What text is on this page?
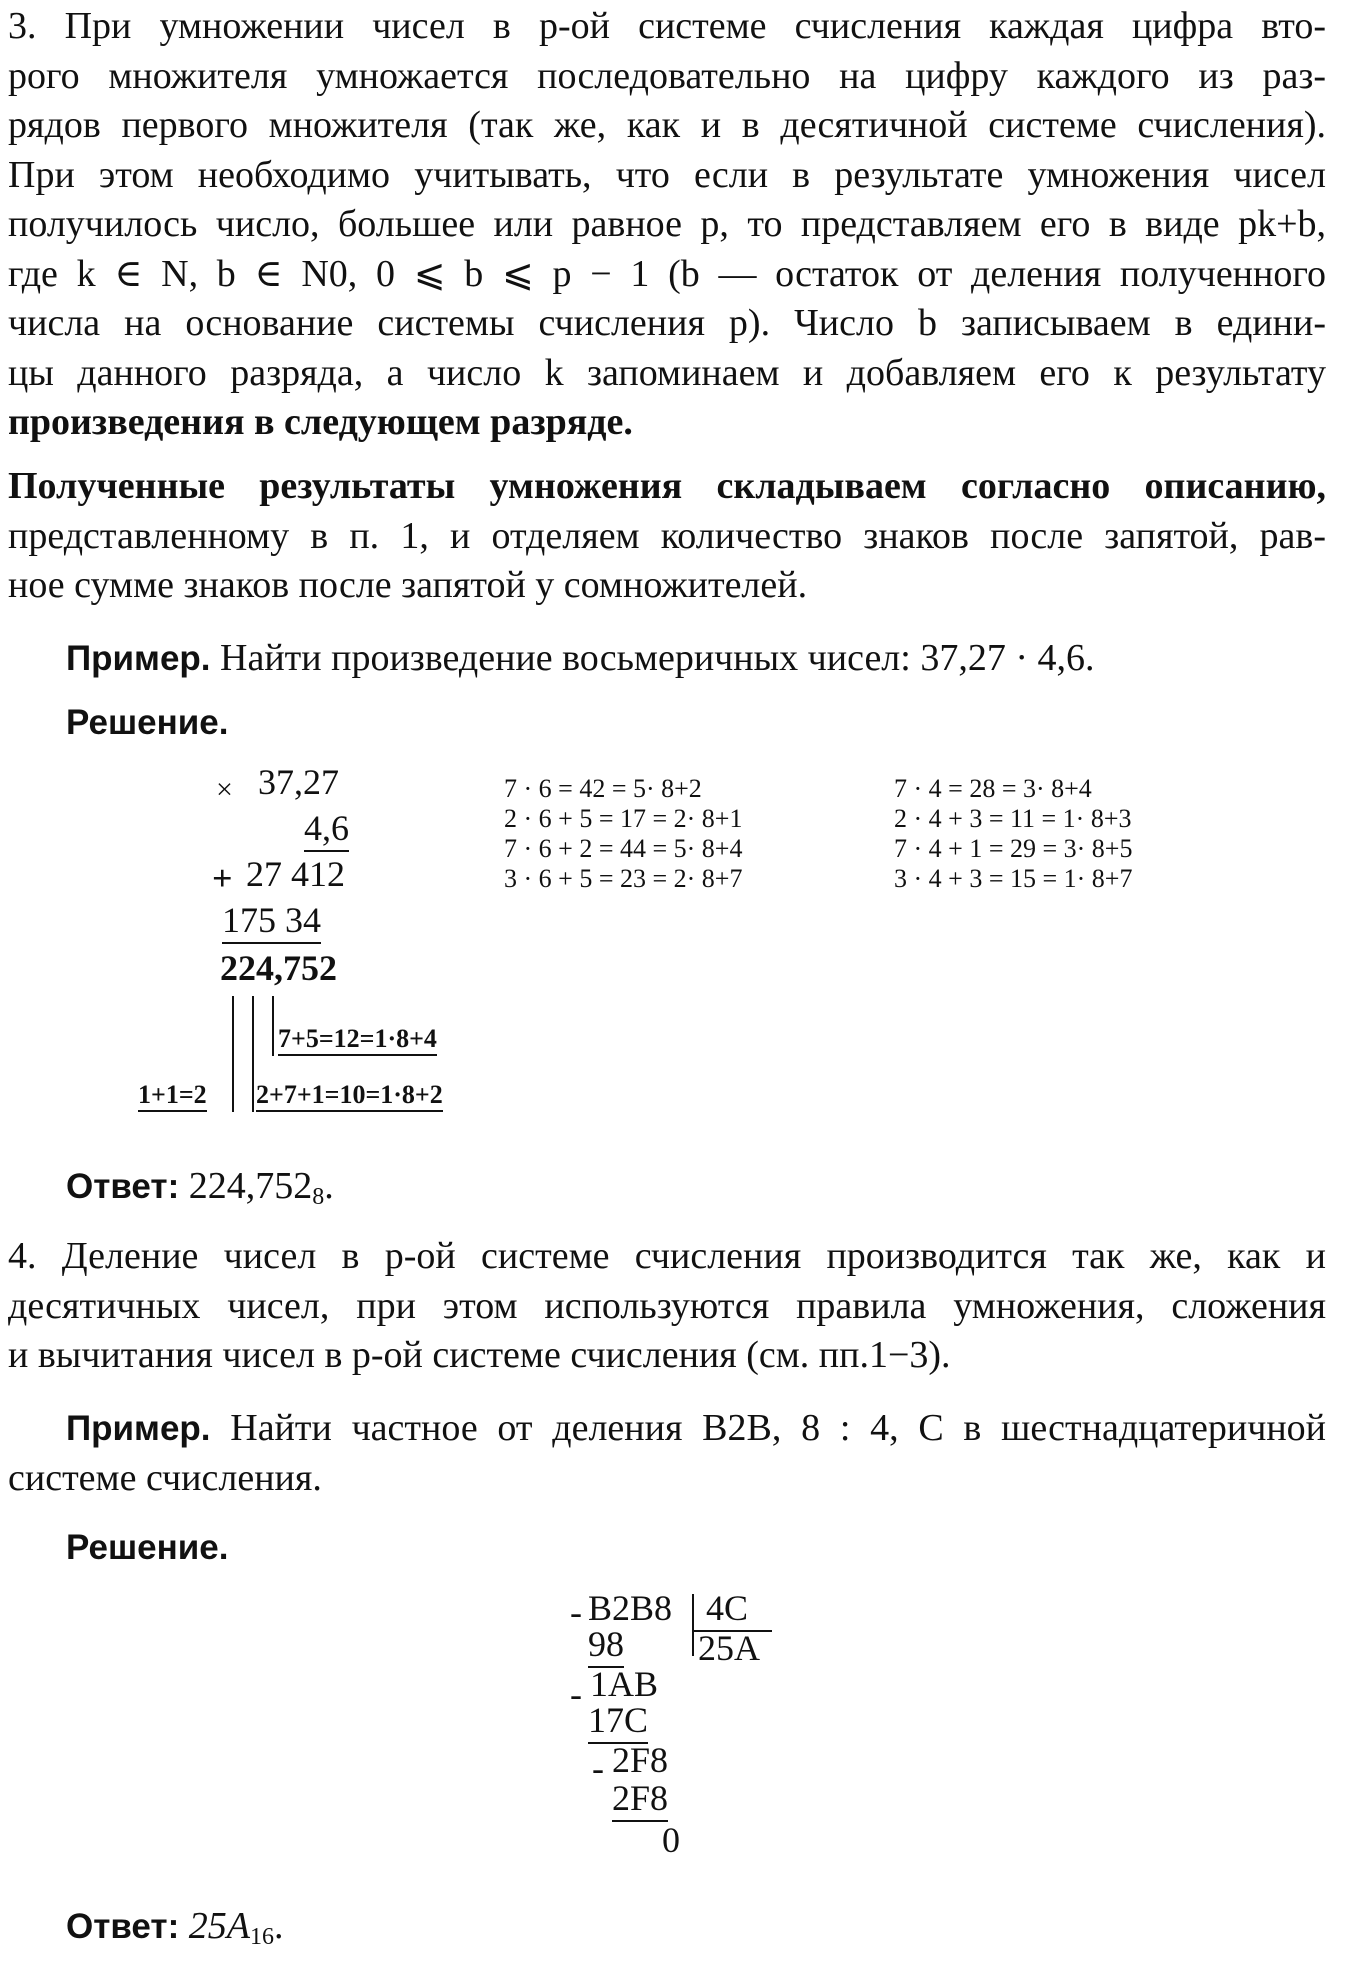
3. При умножении чисел в p-ой системе счисления каждая цифра вто-
рого множителя умножается последовательно на цифру каждого из раз-
рядов первого множителя (так же, как и в десятичной системе счисления).
При этом необходимо учитывать, что если в результате умножения чисел
получилось число, большее или равное p, то представляем его в виде pk+b,
где k ∈ N, b ∈ N0, 0 ⩽ b ⩽ p − 1 (b — остаток от деления полученного
числа на основание системы счисления p). Число b записываем в едини-
цы данного разряда, а число k запоминаем и добавляем его к результату
произведения в следующем разряде.
Полученные результаты умножения складываем согласно описанию,
представленному в п. 1, и отделяем количество знаков после запятой, рав-
ное сумме знаков после запятой у сомножителей.
Пример. Найти произведение восьмеричных чисел: 37,27 · 4,6.
Решение.
× 37,27
4,6
+ 27 412
175 34
224,752
7+5=12=1·8+4
1+1=2 2+7+1=10=1·8+2
7 · 6 = 42 = 5· 8+2
2 · 6 + 5 = 17 = 2· 8+1
7 · 6 + 2 = 44 = 5· 8+4
3 · 6 + 5 = 23 = 2· 8+7
7 · 4 = 28 = 3· 8+4
2 · 4 + 3 = 11 = 1· 8+3
7 · 4 + 1 = 29 = 3· 8+5
3 · 4 + 3 = 15 = 1· 8+7
Ответ: $224,752_8$.
4. Деление чисел в p-ой системе счисления производится так же, как и
десятичных чисел, при этом используются правила умножения, сложения
и вычитания чисел в p-ой системе счисления (см. пп.1−3).
Пример. Найти частное от деления B2B, 8 : 4, C в шестнадцатеричной
системе счисления.
Решение.
- B2B8 4C
25A
98
- 1AB
17C
- 2F8
2F8
0
Ответ: $25A_{16}$.
